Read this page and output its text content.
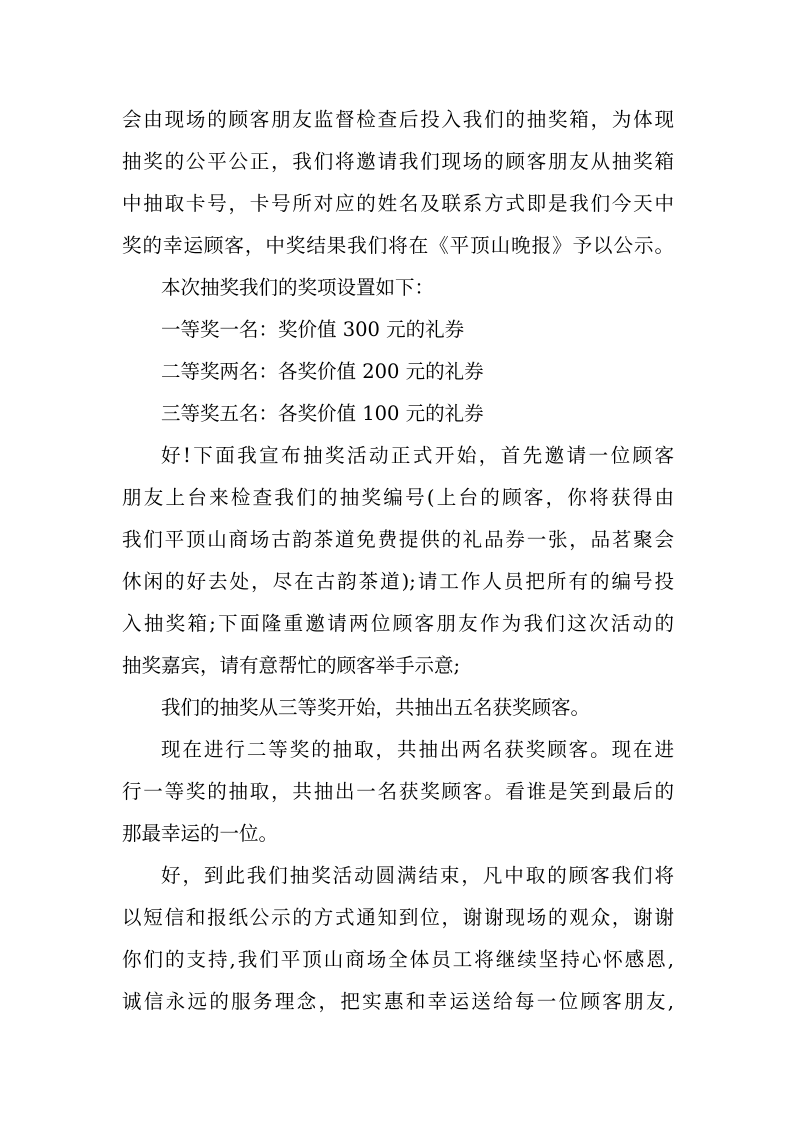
会由现场的顾客朋友监督检查后投入我们的抽奖箱，为体现
抽奖的公平公正，我们将邀请我们现场的顾客朋友从抽奖箱
中抽取卡号，卡号所对应的姓名及联系方式即是我们今天中
奖的幸运顾客，中奖结果我们将在《平顶山晚报》予以公示。
本次抽奖我们的奖项设置如下：
一等奖一名：奖价值 300 元的礼券
二等奖两名：各奖价值 200 元的礼券
三等奖五名：各奖价值 100 元的礼券
好!下面我宣布抽奖活动正式开始，首先邀请一位顾客
朋友上台来检查我们的抽奖编号(上台的顾客，你将获得由
我们平顶山商场古韵茶道免费提供的礼品券一张，品茗聚会
休闲的好去处，尽在古韵茶道);请工作人员把所有的编号投
入抽奖箱;下面隆重邀请两位顾客朋友作为我们这次活动的
抽奖嘉宾，请有意帮忙的顾客举手示意;
我们的抽奖从三等奖开始，共抽出五名获奖顾客。
现在进行二等奖的抽取，共抽出两名获奖顾客。现在进
行一等奖的抽取，共抽出一名获奖顾客。看谁是笑到最后的
那最幸运的一位。
好，到此我们抽奖活动圆满结束，凡中取的顾客我们将
以短信和报纸公示的方式通知到位，谢谢现场的观众，谢谢
你们的支持,我们平顶山商场全体员工将继续坚持心怀感恩,
诚信永远的服务理念，把实惠和幸运送给每一位顾客朋友,
